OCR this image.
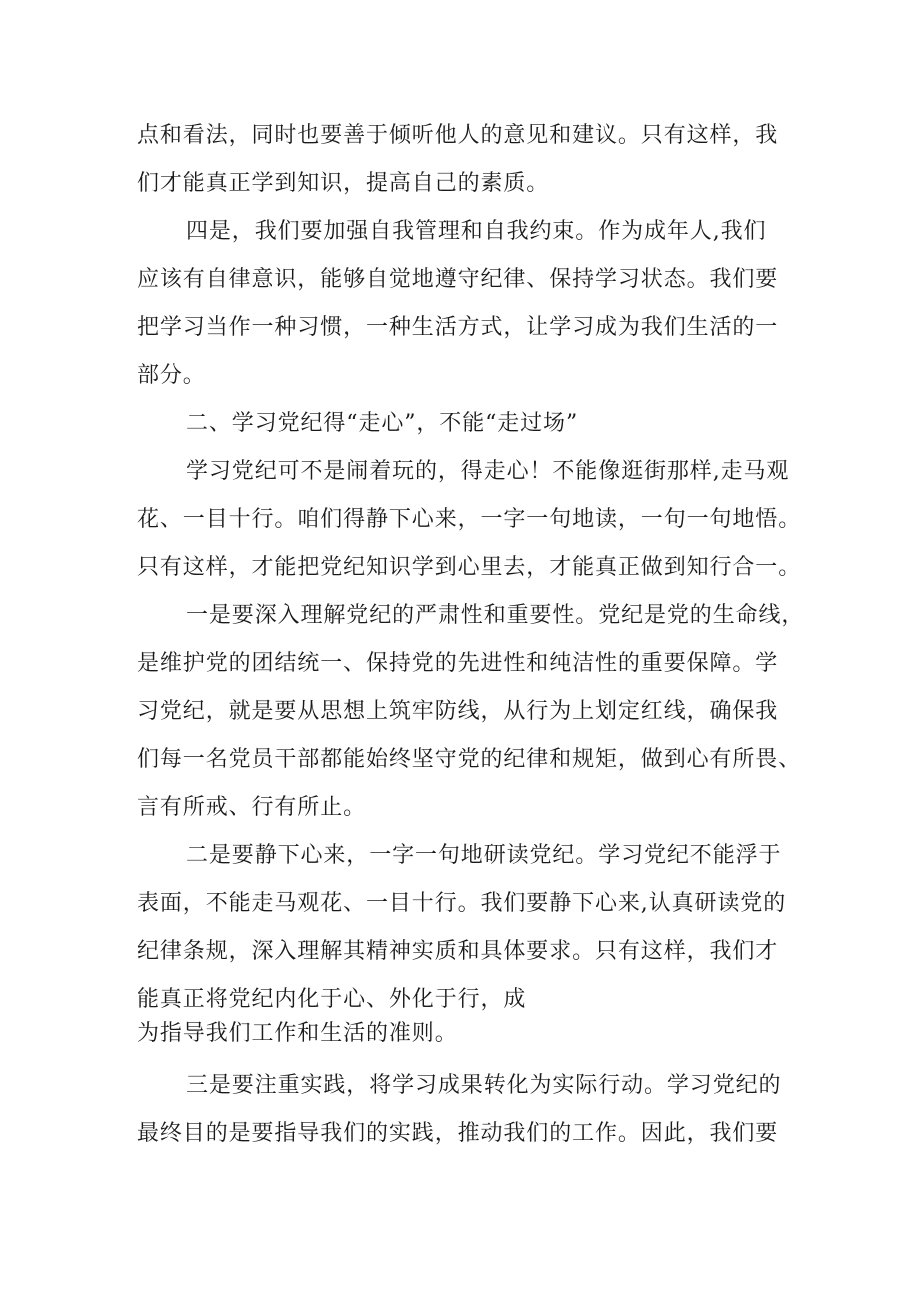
点和看法，同时也要善于倾听他人的意见和建议。只有这样，我
们才能真正学到知识，提高自己的素质。
四是，我们要加强自我管理和自我约束。作为成年人,我们
应该有自律意识，能够自觉地遵守纪律、保持学习状态。我们要
把学习当作一种习惯，一种生活方式，让学习成为我们生活的一
部分。
二、学习党纪得“走心”，不能“走过场”
学习党纪可不是闹着玩的，得走心！不能像逛街那样,走马观
花、一目十行。咱们得静下心来，一字一句地读，一句一句地悟。
只有这样，才能把党纪知识学到心里去，才能真正做到知行合一。
一是要深入理解党纪的严肃性和重要性。党纪是党的生命线，
是维护党的团结统一、保持党的先进性和纯洁性的重要保障。学
习党纪，就是要从思想上筑牢防线，从行为上划定红线，确保我
们每一名党员干部都能始终坚守党的纪律和规矩，做到心有所畏、
言有所戒、行有所止。
二是要静下心来，一字一句地研读党纪。学习党纪不能浮于
表面，不能走马观花、一目十行。我们要静下心来,认真研读党的
纪律条规，深入理解其精神实质和具体要求。只有这样，我们才
能真正将党纪内化于心、外化于行，成
为指导我们工作和生活的准则。
三是要注重实践，将学习成果转化为实际行动。学习党纪的
最终目的是要指导我们的实践，推动我们的工作。因此，我们要
